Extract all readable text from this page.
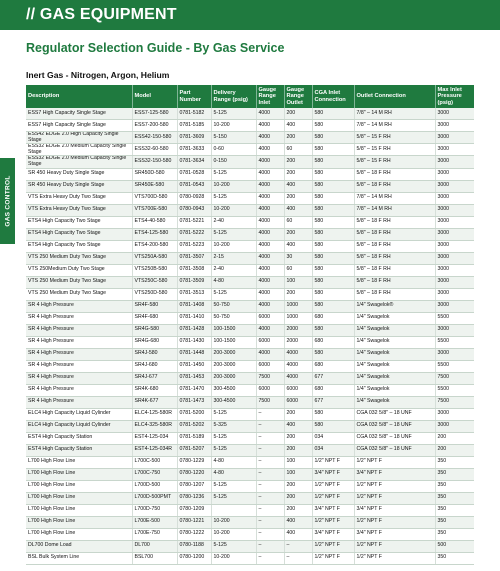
// GAS EQUIPMENT
GAS CONTROL
Regulator Selection Guide - By Gas Service
Inert Gas - Nitrogen, Argon, Helium
Description	Model	Part Number	Delivery Range (psig)	Gauge Range Inlet	Gauge Range Outlet	CGA Inlet Connection	Outlet Connection	Max Inlet Pressure (psig)
ESS7 High Capacity Single Stage	ESS7-125-580	0781-5182	5-125	4000	200	580	7/8" – 14 M RH	3000
ESS7 High Capacity Single Stage	ESS7-200-580	0781-5185	10-200	4000	400	580	7/8" – 14 M RH	3000
ESS42 EDGE 2.0 High Capacity Single Stage	ESS42-150-580	0781-3609	5-150	4000	200	580	5/8" – 15 F RH	3000
ESS32 EDGE 2.0 Medium Capacity Single Stage	ESS32-60-580	0781-3633	0-60	4000	60	580	5/8" – 15 F RH	3000
ESS32 EDGE 2.0 Medium Capacity Single Stage	ESS32-150-580	0781-3634	0-150	4000	200	580	5/8" – 15 F RH	3000
SR 450 Heavy Duty Single Stage	SR450D-580	0781-0528	5-125	4000	200	580	5/8" – 18 F RH	3000
SR 450 Heavy Duty Single Stage	SR450E-580	0781-0543	10-200	4000	400	580	5/8" – 18 F RH	3000
VTS Extra Heavy Duty Two Stage	VTS700D-580	0780-0928	5-125	4000	200	580	7/8" – 14 M RH	3000
VTS Extra Heavy Duty Two Stage	VTS700E-580	0780-0943	10-200	4000	400	580	7/8" – 14 M RH	3000
ETS4 High Capacity Two Stage	ETS4-40-580	0781-5221	2-40	4000	60	580	5/8" – 18 F RH	3000
ETS4 High Capacity Two Stage	ETS4-125-580	0781-5222	5-125	4000	200	580	5/8" – 18 F RH	3000
ETS4 High Capacity Two Stage	ETS4-200-580	0781-5223	10-200	4000	400	580	5/8" – 18 F RH	3000
VTS 250 Medium Duty Two Stage	VTS250A-580	0781-3507	2-15	4000	30	580	5/8" – 18 F RH	3000
VTS 250Medium Duty Two Stage	VTS250B-580	0781-3508	2-40	4000	60	580	5/8" – 18 F RH	3000
VTS 250 Medium Duty Two Stage	VTS250C-580	0781-3509	4-80	4000	100	580	5/8" – 18 F RH	3000
VTS 250 Medium Duty Two Stage	VTS250D-580	0781-3513	5-125	4000	200	580	5/8" – 18 F RH	3000
SR 4 High Pressure	SR4F-580	0781-1408	50-750	4000	1000	580	1/4" Swagelok®	3000
SR 4 High Pressure	SR4F-680	0781-1410	50-750	6000	1000	680	1/4" Swagelok	5500
SR 4 High Pressure	SR4G-580	0781-1428	100-1500	4000	2000	580	1/4" Swagelok	3000
SR 4 High Pressure	SR4G-680	0781-1430	100-1500	6000	2000	680	1/4" Swagelok	5500
SR 4 High Pressure	SR4J-580	0781-1448	200-3000	4000	4000	580	1/4" Swagelok	3000
SR 4 High Pressure	SR4J-680	0781-1450	200-3000	6000	4000	680	1/4" Swagelok	5500
SR 4 High Pressure	SR4J-677	0781-1453	200-3000	7500	4000	677	1/4" Swagelok	7500
SR 4 High Pressure	SR4K-680	0781-1470	300-4500	6000	6000	680	1/4" Swagelok	5500
SR 4 High Pressure	SR4K-677	0781-1473	300-4500	7500	6000	677	1/4" Swagelok	7500
ELC4 High Capacity Liquid Cylinder	ELC4-125-580R	0781-5200	5-125	–	200	580	CGA 032 5/8" – 18 UNF	3000
ELC4 High Capacity Liquid Cylinder	ELC4-325-580R	0781-5202	5-325	–	400	580	CGA 032 5/8" – 18 UNF	3000
EST4 High Capacity Station	EST4-125-034	0781-5189	5-125	–	200	034	CGA 032 5/8" – 18 UNF	200
EST4 High Capacity Station	EST4-125-034R	0781-5207	5-125	–	200	034	CGA 032 5/8" – 18 UNF	200
L700 High Flow Line	L700C-500	0780-1229	4-80	–	100	1/2" NPT F	1/2" NPT F	350
L700 High Flow Line	L700C-750	0780-1220	4-80	–	100	3/4" NPT F	3/4" NPT F	350
L700 High Flow Line	L700D-500	0780-1207	5-125	–	200	1/2" NPT F	1/2" NPT F	350
L700 High Flow Line	L700D-500PMT	0780-1236	5-125	–	200	1/2" NPT F	1/2" NPT F	350
L700 High Flow Line	L700D-750	0780-1209		–	200	3/4" NPT F	3/4" NPT F	350
L700 High Flow Line	L700E-500	0780-1221	10-200	–	400	1/2" NPT F	1/2" NPT F	350
L700 High Flow Line	L700E-750	0780-1222	10-200	–	400	3/4" NPT F	3/4" NPT F	350
DL700 Dome Load	DL700	0780-1188	5-125	–	–	1/2" NPT F	1/2" NPT F	500
BSL Bulk System Line	BSL700	0780-1200	10-200	–	–	1/2" NPT F	1/2" NPT F	350
